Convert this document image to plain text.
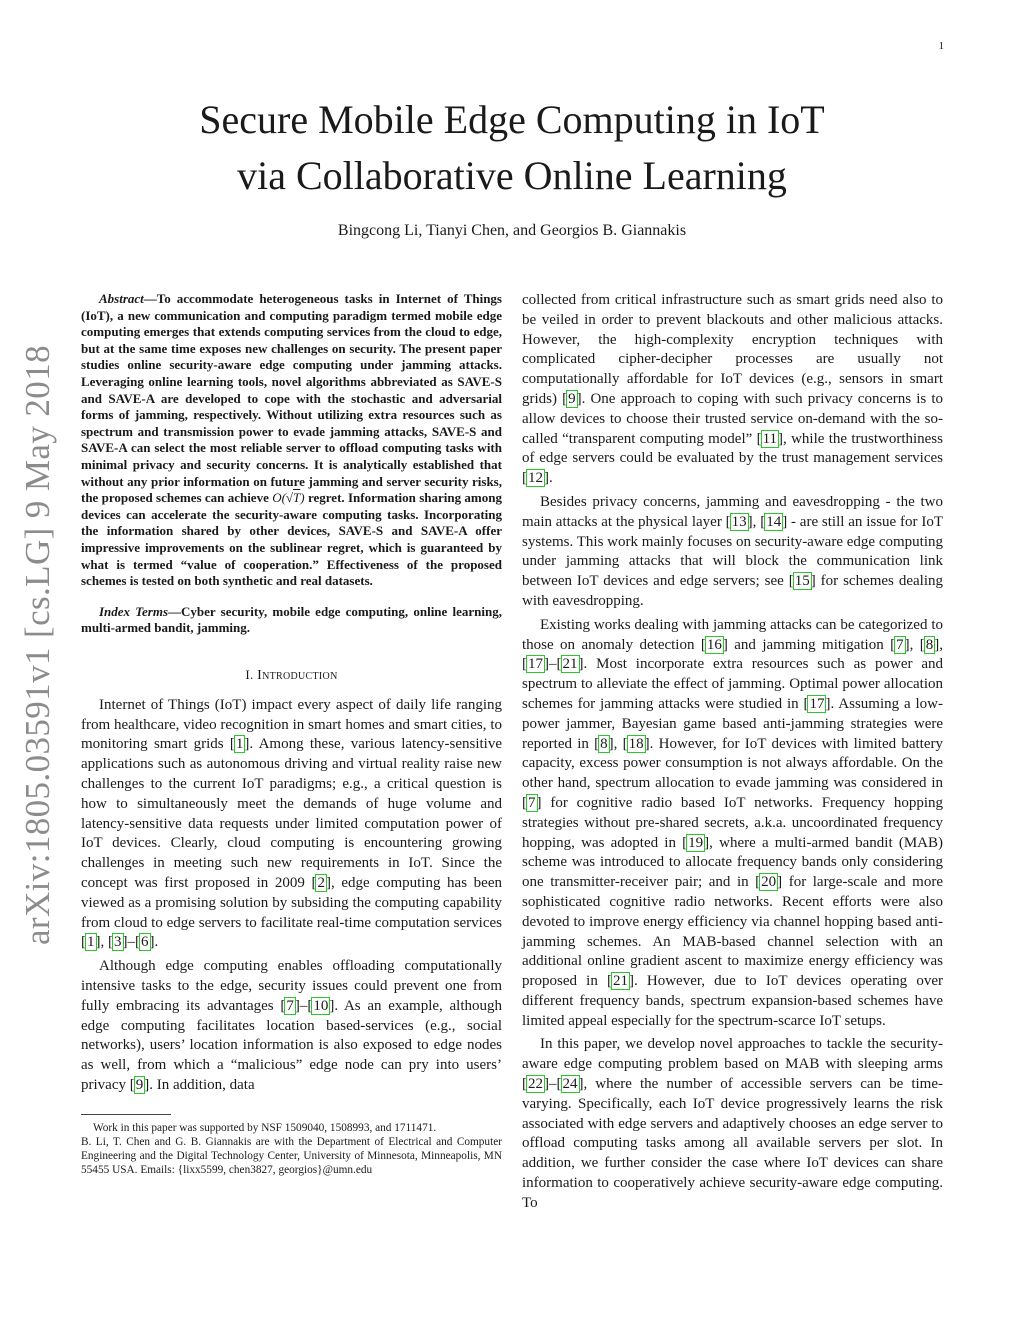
1
arXiv:1805.03591v1 [cs.LG] 9 May 2018
Secure Mobile Edge Computing in IoT
via Collaborative Online Learning
Bingcong Li, Tianyi Chen, and Georgios B. Giannakis

Abstract—To accommodate heterogeneous tasks in Internet of Things (IoT), a new communication and computing paradigm termed mobile edge computing emerges that extends computing services from the cloud to edge, but at the same time exposes new challenges on security. The present paper studies online security-aware edge computing under jamming attacks. Leveraging online learning tools, novel algorithms abbreviated as SAVE-S and SAVE-A are developed to cope with the stochastic and adversarial forms of jamming, respectively. Without utilizing extra resources such as spectrum and transmission power to evade jamming attacks, SAVE-S and SAVE-A can select the most reliable server to offload computing tasks with minimal privacy and security concerns. It is analytically established that without any prior information on future jamming and server security risks, the proposed schemes can achieve O(√T) regret. Information sharing among devices can accelerate the security-aware computing tasks. Incorporating the information shared by other devices, SAVE-S and SAVE-A offer impressive improvements on the sublinear regret, which is guaranteed by what is termed “value of cooperation.” Effectiveness of the proposed schemes is tested on both synthetic and real datasets.

Index Terms—Cyber security, mobile edge computing, online learning, multi-armed bandit, jamming.

I. Introduction

Internet of Things (IoT) impact every aspect of daily life ranging from healthcare, video recognition in smart homes and smart cities, to monitoring smart grids [1]. Among these, various latency-sensitive applications such as autonomous driving and virtual reality raise new challenges to the current IoT paradigms; e.g., a critical question is how to simultaneously meet the demands of huge volume and latency-sensitive data requests under limited computation power of IoT devices. Clearly, cloud computing is encountering growing challenges in meeting such new requirements in IoT. Since the concept was first proposed in 2009 [2], edge computing has been viewed as a promising solution by subsiding the computing capability from cloud to edge servers to facilitate real-time computation services [1], [3]–[6].

Although edge computing enables offloading computationally intensive tasks to the edge, security issues could prevent one from fully embracing its advantages [7]–[10]. As an example, although edge computing facilitates location based-services (e.g., social networks), users’ location information is also exposed to edge nodes as well, from which a “malicious” edge node can pry into users’ privacy [9]. In addition, data

Work in this paper was supported by NSF 1509040, 1508993, and 1711471.

B. Li, T. Chen and G. B. Giannakis are with the Department of Electrical and Computer Engineering and the Digital Technology Center, University of Minnesota, Minneapolis, MN 55455 USA. Emails: {lixx5599, chen3827, georgios}@umn.edu

collected from critical infrastructure such as smart grids need also to be veiled in order to prevent blackouts and other malicious attacks. However, the high-complexity encryption techniques with complicated cipher-decipher processes are usually not computationally affordable for IoT devices (e.g., sensors in smart grids) [9]. One approach to coping with such privacy concerns is to allow devices to choose their trusted service on-demand with the so-called “transparent computing model” [11], while the trustworthiness of edge servers could be evaluated by the trust management services [12].

Besides privacy concerns, jamming and eavesdropping - the two main attacks at the physical layer [13], [14] - are still an issue for IoT systems. This work mainly focuses on security-aware edge computing under jamming attacks that will block the communication link between IoT devices and edge servers; see [15] for schemes dealing with eavesdropping.

Existing works dealing with jamming attacks can be categorized to those on anomaly detection [16] and jamming mitigation [7], [8], [17]–[21]. Most incorporate extra resources such as power and spectrum to alleviate the effect of jamming. Optimal power allocation schemes for jamming attacks were studied in [17]. Assuming a low-power jammer, Bayesian game based anti-jamming strategies were reported in [8], [18]. However, for IoT devices with limited battery capacity, excess power consumption is not always affordable. On the other hand, spectrum allocation to evade jamming was considered in [7] for cognitive radio based IoT networks. Frequency hopping strategies without pre-shared secrets, a.k.a. uncoordinated frequency hopping, was adopted in [19], where a multi-armed bandit (MAB) scheme was introduced to allocate frequency bands only considering one transmitter-receiver pair; and in [20] for large-scale and more sophisticated cognitive radio networks. Recent efforts were also devoted to improve energy efficiency via channel hopping based anti-jamming schemes. An MAB-based channel selection with an additional online gradient ascent to maximize energy efficiency was proposed in [21]. However, due to IoT devices operating over different frequency bands, spectrum expansion-based schemes have limited appeal especially for the spectrum-scarce IoT setups.

In this paper, we develop novel approaches to tackle the security-aware edge computing problem based on MAB with sleeping arms [22]–[24], where the number of accessible servers can be time-varying. Specifically, each IoT device progressively learns the risk associated with edge servers and adaptively chooses an edge server to offload computing tasks among all available servers per slot. In addition, we further consider the case where IoT devices can share information to cooperatively achieve security-aware edge computing. To
